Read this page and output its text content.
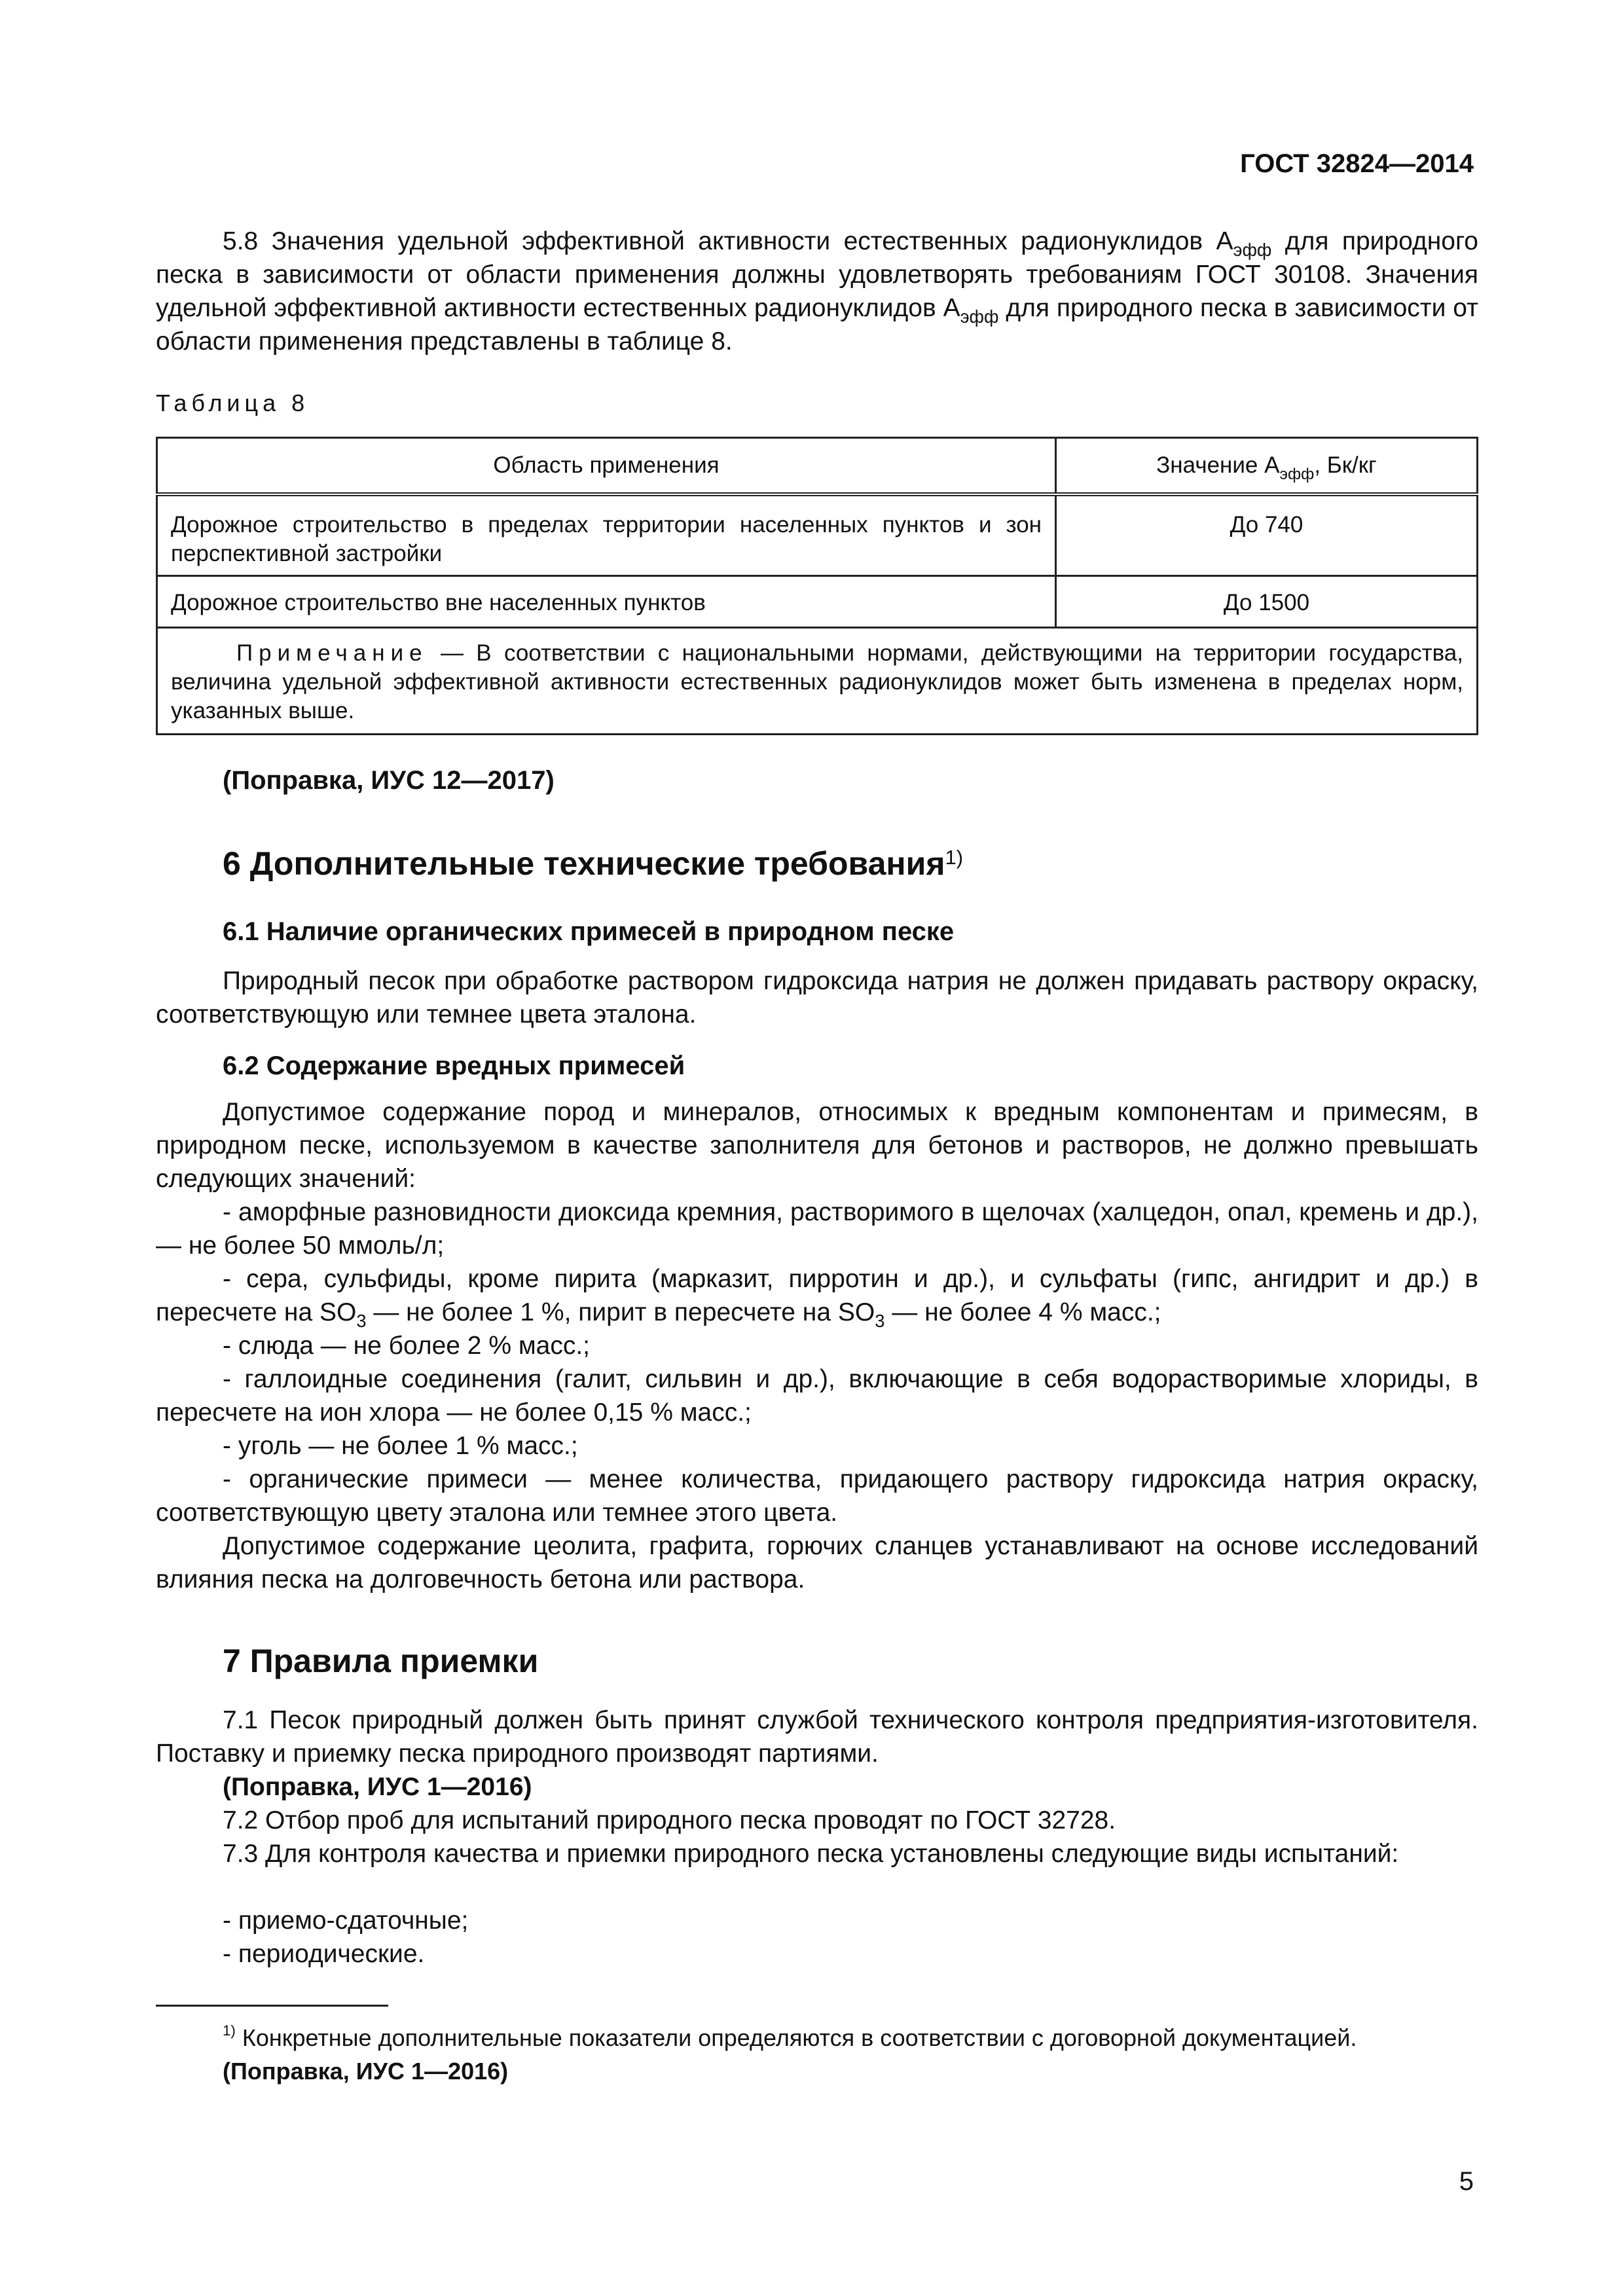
ГОСТ 32824—2014
5.8 Значения удельной эффективной активности естественных радионуклидов $А_{эфф}$ для природного песка в зависимости от области применения должны удовлетворять требованиям ГОСТ 30108. Значения удельной эффективной активности естественных радионуклидов $А_{эфф}$ для природного песка в зависимости от области применения представлены в таблице 8.
Таблица 8
Область применения	Значение $А_{эфф}$, Бк/кг
Дорожное строительство в пределах территории населенных пунктов и зон перспективной застройки	До 740
Дорожное строительство вне населенных пунктов	До 1500
Примечание — В соответствии с национальными нормами, действующими на территории государства, величина удельной эффективной активности естественных радионуклидов может быть изменена в пределах норм, указанных выше.	
(Поправка, ИУС 12—2017)
6 Дополнительные технические требования$^{1)}$
6.1 Наличие органических примесей в природном песке
Природный песок при обработке раствором гидроксида натрия не должен придавать раствору окраску, соответствующую или темнее цвета эталона.
6.2 Содержание вредных примесей
Допустимое содержание пород и минералов, относимых к вредным компонентам и примесям, в природном песке, используемом в качестве заполнителя для бетонов и растворов, не должно превышать следующих значений:
- аморфные разновидности диоксида кремния, растворимого в щелочах (халцедон, опал, кремень и др.), — не более 50 ммоль/л;
- сера, сульфиды, кроме пирита (марказит, пирротин и др.), и сульфаты (гипс, ангидрит и др.) в пересчете на $SO_3$ — не более 1 %, пирит в пересчете на $SO_3$ — не более 4 % масс.;
- слюда — не более 2 % масс.;
- галлоидные соединения (галит, сильвин и др.), включающие в себя водорастворимые хлориды, в пересчете на ион хлора — не более 0,15 % масс.;
- уголь — не более 1 % масс.;
- органические примеси — менее количества, придающего раствору гидроксида натрия окраску, соответствующую цвету эталона или темнее этого цвета.
Допустимое содержание цеолита, графита, горючих сланцев устанавливают на основе исследований влияния песка на долговечность бетона или раствора.
7 Правила приемки
7.1 Песок природный должен быть принят службой технического контроля предприятия-изготовителя. Поставку и приемку песка природного производят партиями.
(Поправка, ИУС 1—2016)
7.2 Отбор проб для испытаний природного песка проводят по ГОСТ 32728.
7.3 Для контроля качества и приемки природного песка установлены следующие виды испытаний:
- приемо-сдаточные;
- периодические.
$^{1)}$ Конкретные дополнительные показатели определяются в соответствии с договорной документацией.
(Поправка, ИУС 1—2016)
5
